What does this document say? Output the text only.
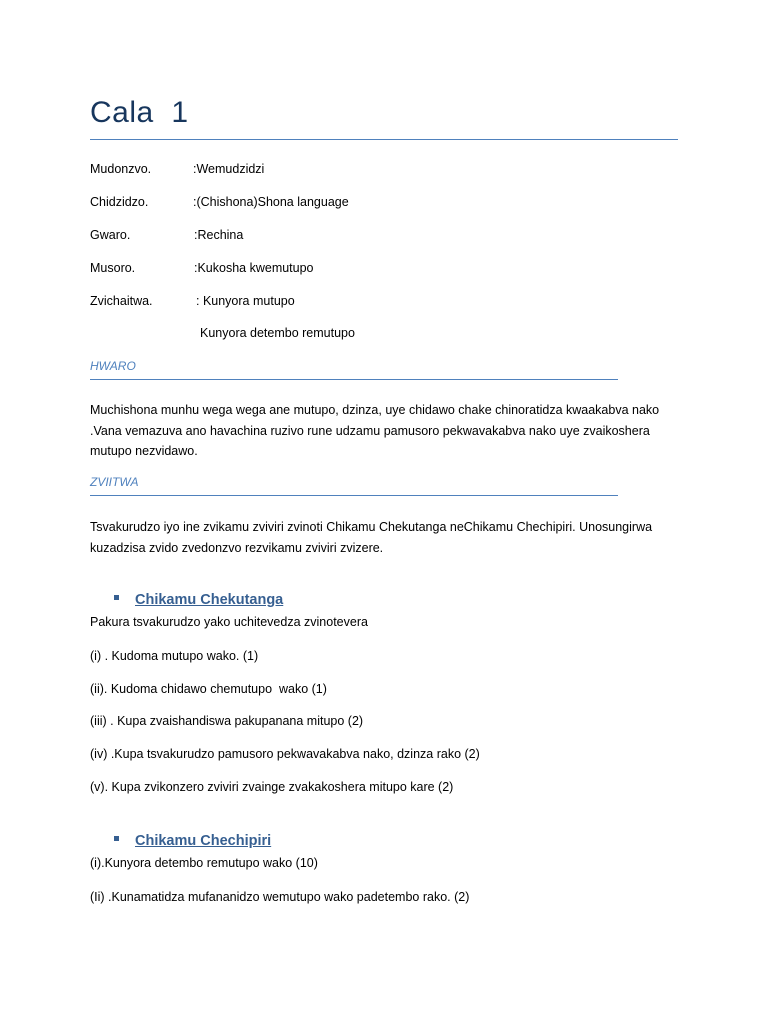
Cala  1
Mudonzvo.	:Wemudzidzi
Chidzidzo.	:(Chishona)Shona language
Gwaro.	:Rechina
Musoro.	:Kukosha kwemutupo
Zvichaitwa.	: Kunyora mutupo
Kunyora detembo remutupo
HWARO
Muchishona munhu wega wega ane mutupo, dzinza, uye chidawo chake chinoratidza kwaakabva nako .Vana vemazuva ano havachina ruzivo rune udzamu pamusoro pekwavakabva nako uye zvaikoshera mutupo nezvidawo.
ZVIITWA
Tsvakurudzo iyo ine zvikamu zviviri zvinoti Chikamu Chekutanga neChikamu Chechipiri. Unosungirwa kuzadzisa zvido zvedonzvo rezvikamu zviviri zvizere.
Chikamu Chekutanga
Pakura tsvakurudzo yako uchitevedza zvinotevera
(i) . Kudoma mutupo wako. (1)
(ii). Kudoma chidawo chemutupo  wako (1)
(iii) . Kupa zvaishandiswa pakupanana mitupo (2)
(iv) .Kupa tsvakurudzo pamusoro pekwavakabva nako, dzinza rako (2)
(v). Kupa zvikonzero zviviri zvainge zvakakoshera mitupo kare (2)
Chikamu Chechipiri
(i).Kunyora detembo remutupo wako (10)
(Ii) .Kunamatidza mufananidzo wemutupo wako padetembo rako. (2)
